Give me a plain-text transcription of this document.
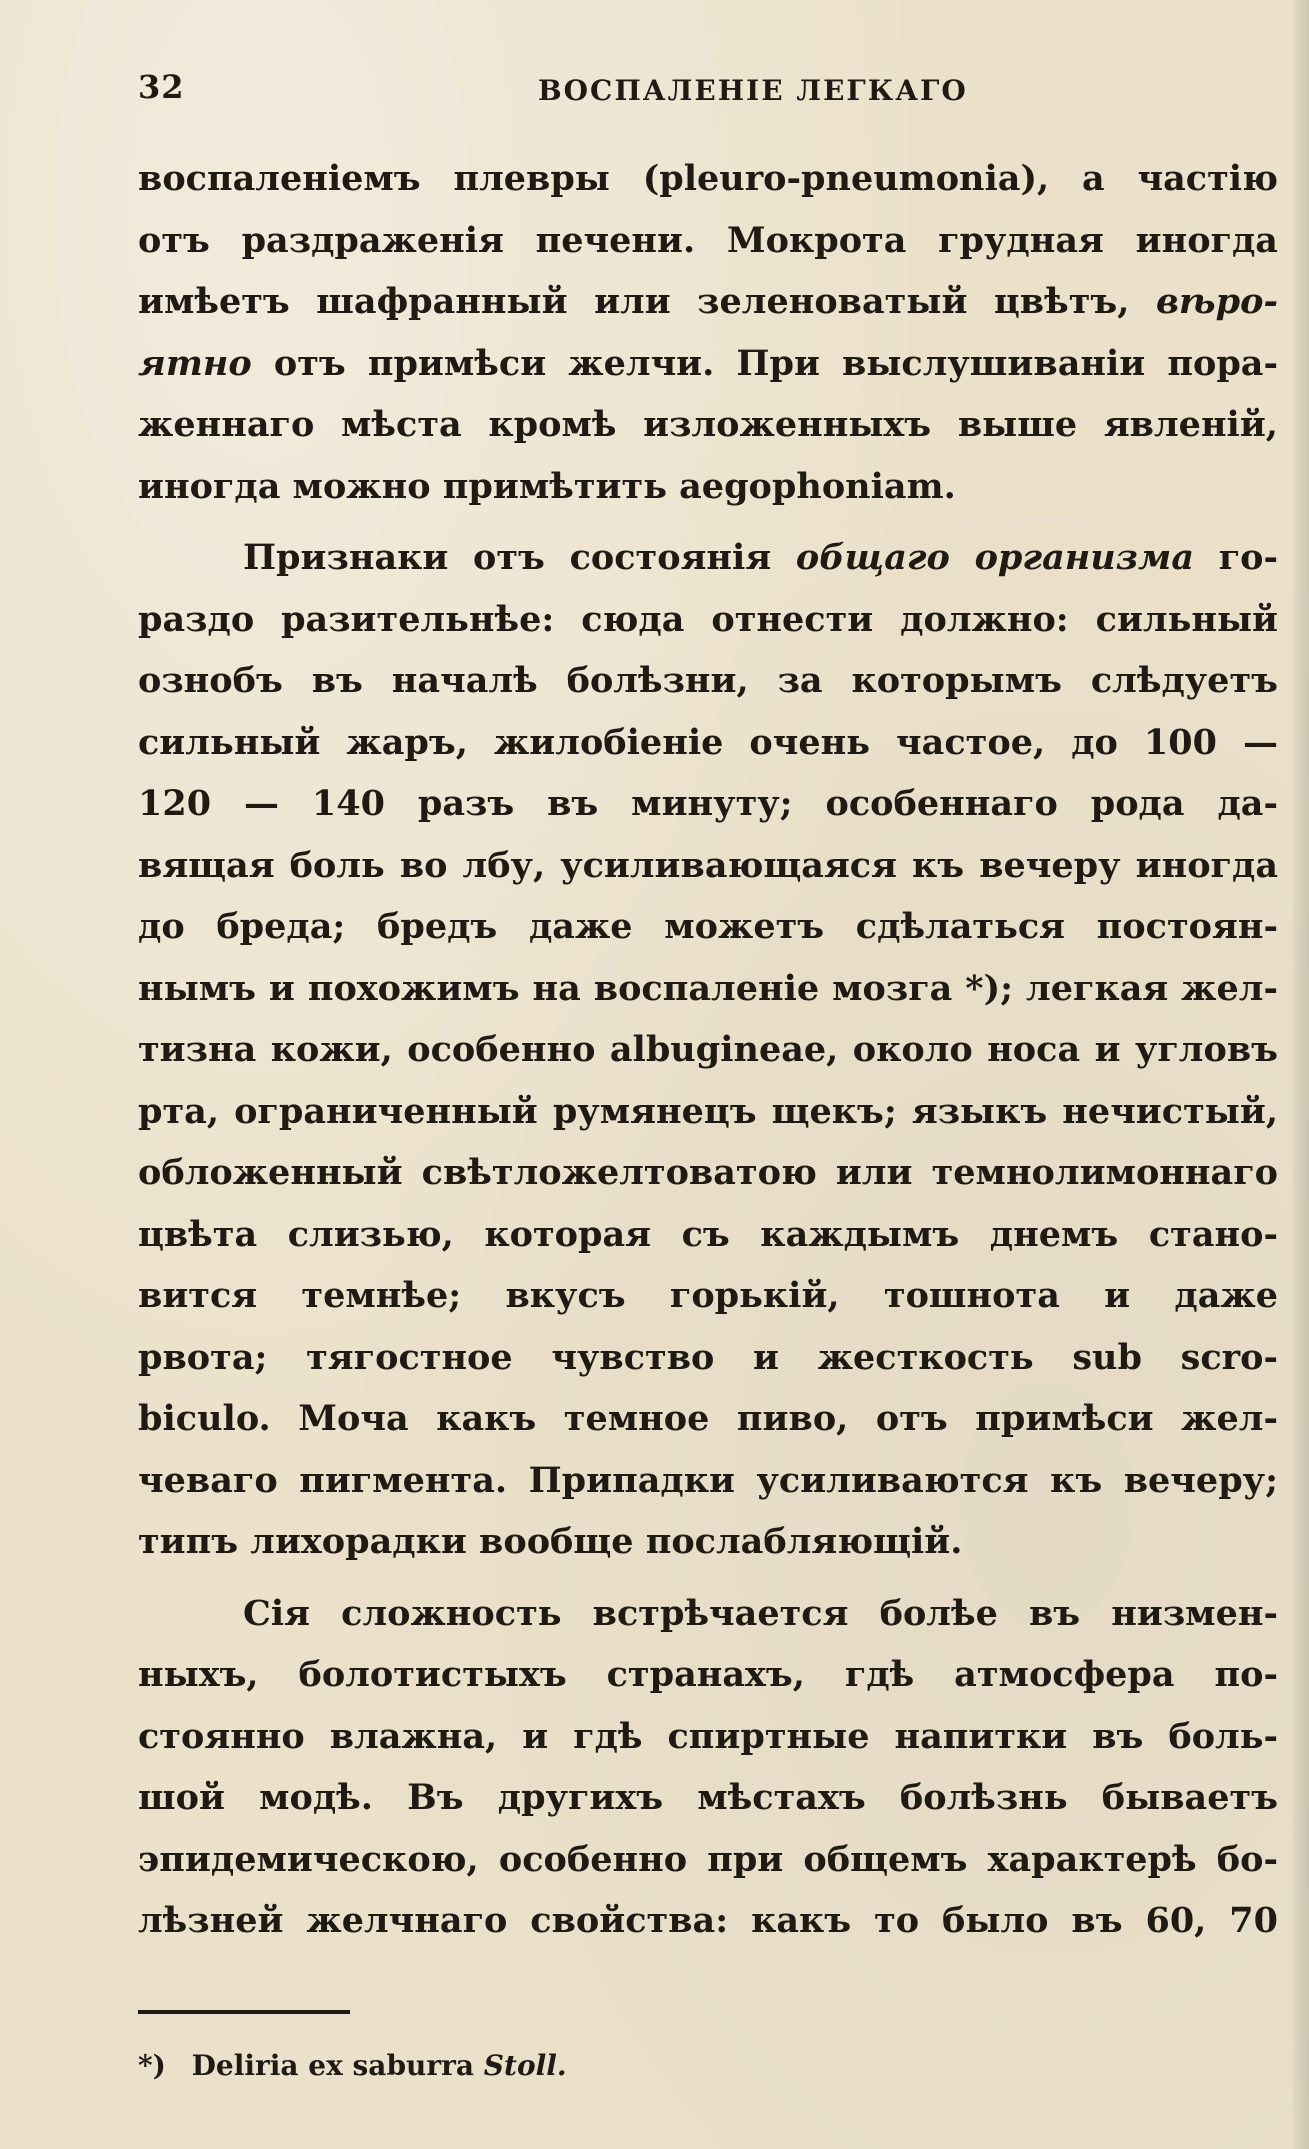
32	ВОСПАЛЕНІЕ ЛЕГКАГО
воспаленіемъ плевры (pleuro-pneumonia), а частію
отъ раздраженія печени. Мокрота грудная иногда
имѣетъ шафранный или зеленоватый цвѣтъ, вѣро-
ятно отъ примѣси желчи. При выслушиваніи пора-
женнаго мѣста кромѣ изложенныхъ выше явленій,
иногда можно примѣтить aegophoniam.
Признаки отъ состоянія общаго организма го-
раздо разительнѣе: сюда отнести должно: сильный
ознобъ въ началѣ болѣзни, за которымъ слѣдуетъ
сильный жаръ, жилобіеніе очень частое, до 100 —
120 — 140 разъ въ минуту; особеннаго рода да-
вящая боль во лбу, усиливающаяся къ вечеру иногда
до бреда; бредъ даже можетъ сдѣлаться постоян-
нымъ и похожимъ на воспаленіе мозга *); легкая жел-
тизна кожи, особенно albugineae, около носа и угловъ
рта, ограниченный румянецъ щекъ; языкъ нечистый,
обложенный свѣтложелтоватою или темнолимоннаго
цвѣта слизью, которая съ каждымъ днемъ стано-
вится темнѣе; вкусъ горькій, тошнота и даже
рвота; тягостное чувство и жесткость sub scro-
biculo. Моча какъ темное пиво, отъ примѣси жел-
чеваго пигмента. Припадки усиливаются къ вечеру;
типъ лихорадки вообще послабляющій.
Сія сложность встрѣчается болѣе въ низмен-
ныхъ, болотистыхъ странахъ, гдѣ атмосфера по-
стоянно влажна, и гдѣ спиртные напитки въ боль-
шой модѣ. Въ другихъ мѣстахъ болѣзнь бываетъ
эпидемическою, особенно при общемъ характерѣ бо-
лѣзней желчнаго свойства: какъ то было въ 60, 70
*) Deliria ex saburra Stoll.
